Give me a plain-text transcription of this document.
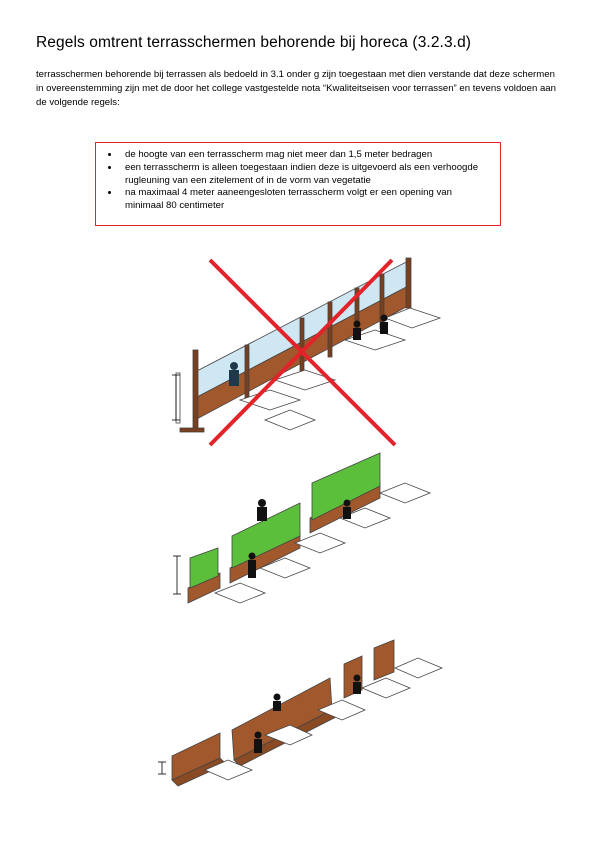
Regels omtrent terrasschermen behorende bij horeca (3.2.3.d)

terrasschermen behorende bij terrassen als bedoeld in 3.1 onder g zijn toegestaan met dien verstande dat deze schermen in overeenstemming zijn met de door het college vastgestelde nota “Kwaliteitseisen voor terrassen” en tevens voldoen aan de volgende regels:

• de hoogte van een terrasscherm mag niet meer dan 1,5 meter bedragen
• een terrasscherm is alleen toegestaan indien deze is uitgevoerd als een verhoogde rugleuning van een zitelement of in de vorm van vegetatie
• na maximaal 4 meter aaneengesloten terrasscherm volgt er een opening van minimaal 80 centimeter
